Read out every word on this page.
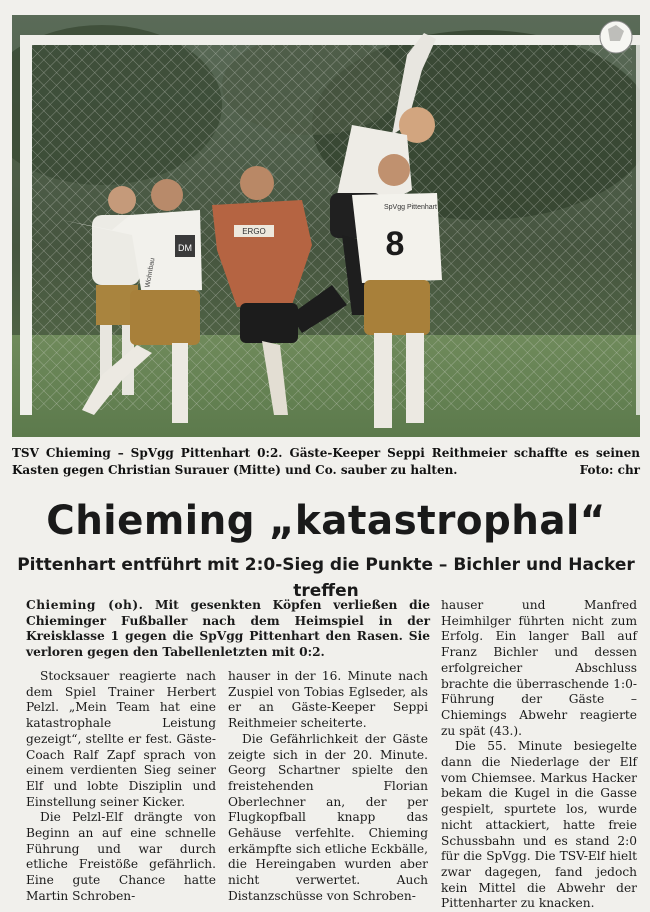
DM
Wohnbau
ERGO
SpVgg Pittenhart
8
TSV Chieming – SpVgg Pittenhart 0:2. Gäste-Keeper Seppi Reithmeier schaffte es seinen Kasten gegen Christian Surauer (Mitte) und Co. sauber zu halten.	Foto: chr
Chieming „katastrophal“
Pittenhart entführt mit 2:0-Sieg die Punkte – Bichler und Hacker treffen
Chieming (oh). Mit gesenkten Köpfen verließen die Chieminger Fußballer nach dem Heimspiel in der Kreisklasse 1 gegen die SpVgg Pittenhart den Rasen. Sie verloren gegen den Tabellenletzten mit 0:2.

Stocksauer reagierte nach dem Spiel Trainer Herbert Pelzl. „Mein Team hat eine katastrophale Leistung gezeigt“, stellte er fest. Gäste-Coach Ralf Zapf sprach von einem verdienten Sieg seiner Elf und lobte Disziplin und Einstellung seiner Kicker.

Die Pelzl-Elf drängte von Beginn an auf eine schnelle Führung und war durch etliche Freistöße gefährlich. Eine gute Chance hatte Martin Schroben-

hauser in der 16. Minute nach Zuspiel von Tobias Eglseder, als er an Gäste-Keeper Seppi Reithmeier scheiterte.

Die Gefährlichkeit der Gäste zeigte sich in der 20. Minute. Georg Schartner spielte den freistehenden Florian Oberlechner an, der per Flugkopfball knapp das Gehäuse verfehlte. Chieming erkämpfte sich etliche Eckbälle, die Hereingaben wurden aber nicht verwertet. Auch Distanzschüsse von Schroben-

hauser und Manfred Heimhilger führten nicht zum Erfolg. Ein langer Ball auf Franz Bichler und dessen erfolgreicher Abschluss brachte die überraschende 1:0-Führung der Gäste – Chiemings Abwehr reagierte zu spät (43.).

Die 55. Minute besiegelte dann die Niederlage der Elf vom Chiemsee. Markus Hacker bekam die Kugel in die Gasse gespielt, spurtete los, wurde nicht attackiert, hatte freie Schussbahn und es stand 2:0 für die SpVgg. Die TSV-Elf hielt zwar dagegen, fand jedoch kein Mittel die Abwehr der Pittenharter zu knacken.
